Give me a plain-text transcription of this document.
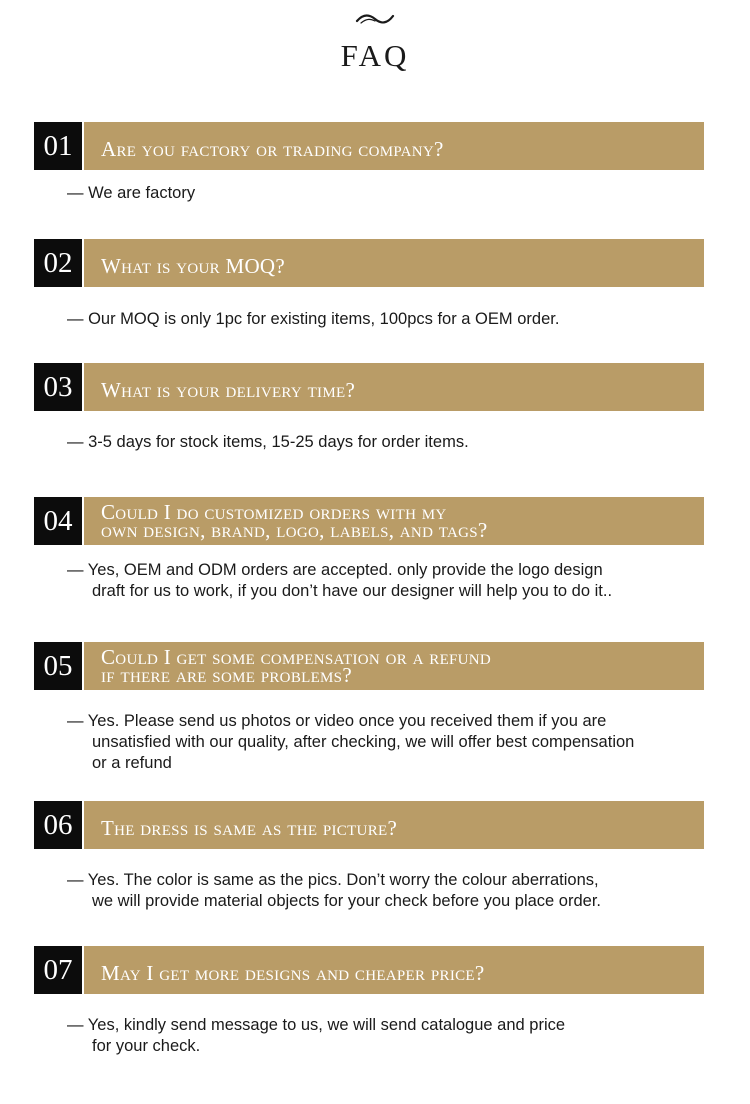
FAQ
01	Are you factory or trading company?
— We are factory
02	What is your MOQ?
— Our MOQ is only 1pc for existing items, 100pcs for a OEM order.
03	What is your delivery time?
— 3-5 days for stock items, 15-25 days for order items.
04	Could I do customized orders with my
own design, brand, logo, labels, and tags?
— Yes, OEM and ODM orders are accepted. only provide the logo design
draft for us to work, if you don’t have our designer will help you to do it..
05	Could I get some compensation or a refund
if there are some problems?
— Yes. Please send us photos or video once you received them if you are
unsatisfied with our quality, after checking, we will offer best compensation
or a refund
06	The dress is same as the picture?
— Yes. The color is same as the pics. Don’t worry the colour aberrations,
we will provide material objects for your check before you place order.
07	May I get more designs and cheaper price?
— Yes, kindly send message to us, we will send catalogue and price
for your check.
